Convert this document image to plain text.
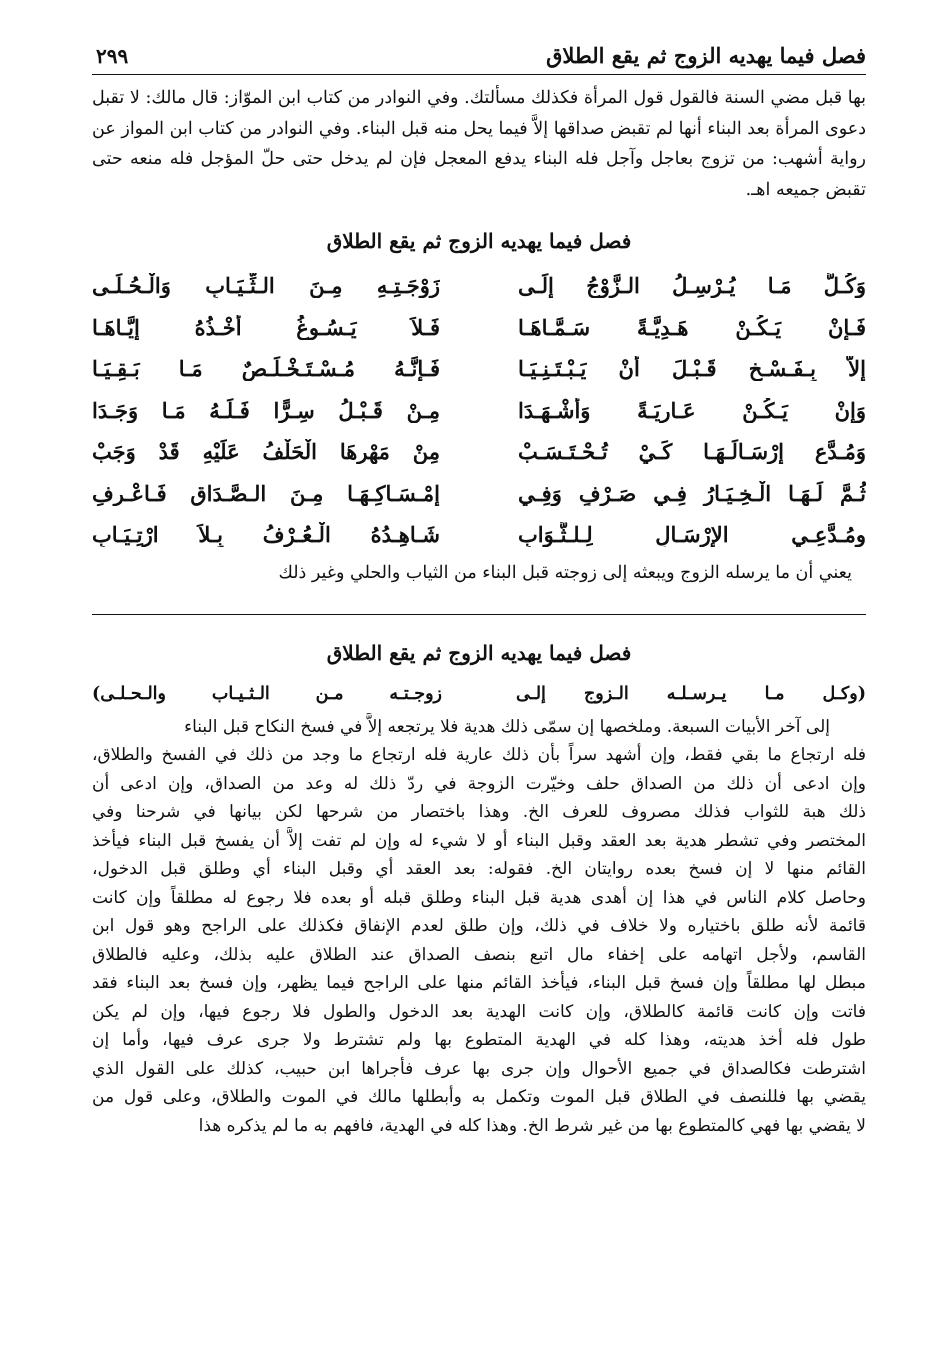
فصل فيما يهديه الزوج ثم يقع الطلاق
٢٩٩

بها قبل مضي السنة فالقول قول المرأة فكذلك مسألتك. وفي النوادر من كتاب ابن الموّاز: قال مالك: لا تقبل دعوى المرأة بعد البناء أنها لم تقبض صداقها إلاَّ فيما يحل منه قبل البناء. وفي النوادر من كتاب ابن المواز عن رواية أشهب: من تزوج بعاجل وآجل فله البناء يدفع المعجل فإن لم يدخل حتى حلّ المؤجل فله منعه حتى تقبض جميعه اهـ.

فصل فيما يهديه الزوج ثم يقع الطلاق
وَكُـلُّ مَـا يُـرْسِـلُ الـزَّوْجُ إلَـى
زَوْجَـتِـهِ مِـنَ الـثِّـيَـابِ وَالْـحُـلَـى
فَـإِنْ يَـكُـنْ هَـدِيَّـةً سَـمَّـاهَـا
فَـلاَ يَـسُـوغُ أَخْـذُهُ إيَّـاهَـا
إلاَّ بِـفَـسْـخٍ قَـبْـلَ أَنْ يَـبْـتَـنِـيَـا
فَـإِنَّـهُ مُـسْـتَـخْـلَـصٌ مَـا بَـقِـيَـا
وَإِنْ يَـكُـنْ عَـارِيَـةً وَأَشْـهَـدَا
مِـنْ قَـبْـلُ سِـرًّا فَـلَـهُ مَـا وَجَـدَا
وَمُـدَّعٍ إِرْسَـالَـهَـا كَـيْ تُـحْـتَـسَـبْ
مِنْ مَهْرِهَا الْحَلْفُ عَلَيْهِ قَدْ وَجَبْ
ثُـمَّ لَـهَـا الْـخِـيَـارُ فِـي صَـرْفٍ وَفِـي
إِمْـسَـاكِـهَـا مِـنَ الـصَّـدَاقِ فَـاعْـرِفِ
ومُـدَّعِـي الإِرْسَـالِ لِـلـثَّـوَابِ
شَـاهِـدُهُ الْـعُـرْفُ بِـلاَ ارْتِـيَـابِ

يعني أن ما يرسله الزوج ويبعثه إلى زوجته قبل البناء من الثياب والحلي وغير ذلك

فصل فيما يهديه الزوج ثم يقع الطلاق
(وكـل مـا يـرسـلـه الـزوج إلـى
زوجـتـه مـن الـثـيـاب والـحـلـى)

إلى آخر الأبيات السبعة. وملخصها إن سمّى ذلك هدية فلا يرتجعه إلاَّ في فسخ النكاح قبل البناء

فله ارتجاع ما بقي فقط، وإن أشهد سراً بأن ذلك عارية فله ارتجاع ما وجد من ذلك في الفسخ والطلاق،

وإن ادعى أن ذلك من الصداق حلف وخيّرت الزوجة في ردّ ذلك له وعد من الصداق، وإن ادعى أن

ذلك هبة للثواب فذلك مصروف للعرف الخ. وهذا باختصار من شرحها لكن بيانها في شرحنا وفي

المختصر وفي تشطر هدية بعد العقد وقبل البناء أو لا شيء له وإن لم تفت إلاَّ أن يفسخ قبل البناء فيأخذ

القائم منها لا إن فسخ بعده روايتان الخ. فقوله: بعد العقد أي وقبل البناء أي وطلق قبل الدخول،

وحاصل كلام الناس في هذا إن أهدى هدية قبل البناء وطلق قبله أو بعده فلا رجوع له مطلقاً وإن كانت

قائمة لأنه طلق باختياره ولا خلاف في ذلك، وإن طلق لعدم الإنفاق فكذلك على الراجح وهو قول ابن

القاسم، ولأجل اتهامه على إخفاء مال اتبع بنصف الصداق عند الطلاق عليه بذلك، وعليه فالطلاق

مبطل لها مطلقاً وإن فسخ قبل البناء، فيأخذ القائم منها على الراجح فيما يظهر، وإن فسخ بعد البناء فقد

فاتت وإن كانت قائمة كالطلاق، وإن كانت الهدية بعد الدخول والطول فلا رجوع فيها، وإن لم يكن

طول فله أخذ هديته، وهذا كله في الهدية المتطوع بها ولم تشترط ولا جرى عرف فيها، وأما إن

اشترطت فكالصداق في جميع الأحوال وإن جرى بها عرف فأجراها ابن حبيب، كذلك على القول الذي

يقضي بها فللنصف في الطلاق قبل الموت وتكمل به وأبطلها مالك في الموت والطلاق، وعلى قول من

لا يقضي بها فهي كالمتطوع بها من غير شرط الخ. وهذا كله في الهدية، فافهم به ما لم يذكره هذا
